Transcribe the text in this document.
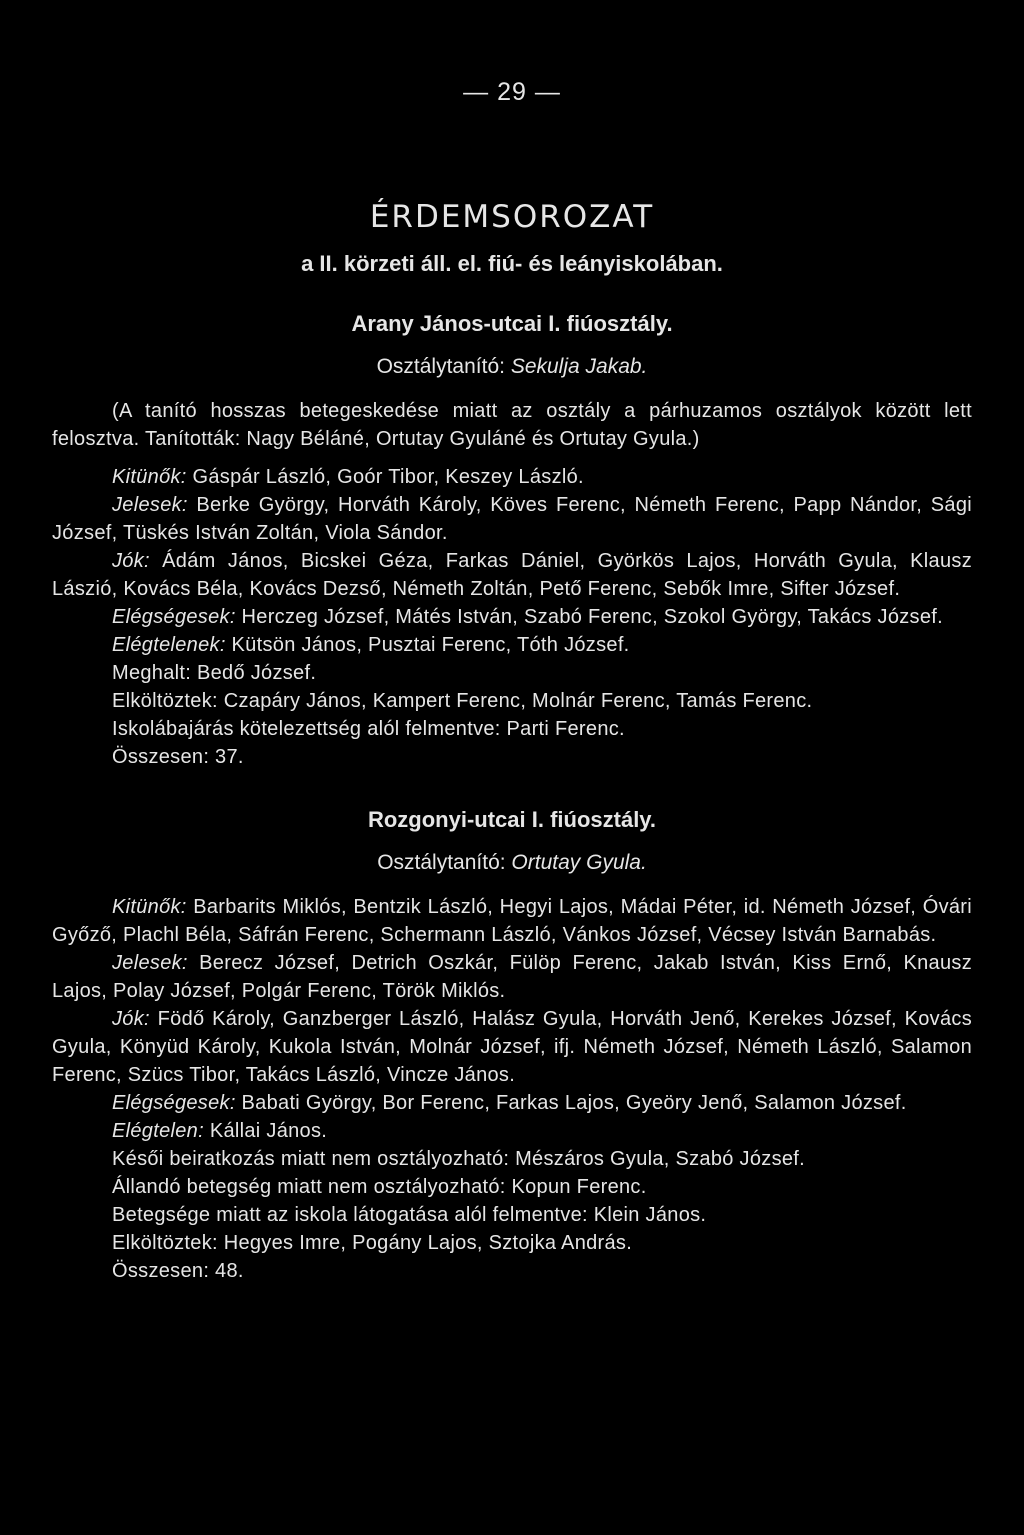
— 29 —
ÉRDEMSOROZAT
a II. körzeti áll. el. fiú- és leányiskolában.
Arany János-utcai I. fiúosztály.
Osztálytanító: Sekulja Jakab.

(A tanító hosszas betegeskedése miatt az osztály a párhuzamos osztályok között lett felosztva. Tanították: Nagy Béláné, Ortutay Gyuláné és Ortutay Gyula.)

Kitünők: Gáspár László, Goór Tibor, Keszey László.

Jelesek: Berke György, Horváth Károly, Köves Ferenc, Németh Ferenc, Papp Nándor, Sági József, Tüskés István Zoltán, Viola Sándor.

Jók: Ádám János, Bicskei Géza, Farkas Dániel, Györkös Lajos, Horváth Gyula, Klausz Lászió, Kovács Béla, Kovács Dezső, Németh Zoltán, Pető Ferenc, Sebők Imre, Sifter József.

Elégségesek: Herczeg József, Mátés István, Szabó Ferenc, Szokol György, Takács József.

Elégtelenek: Kütsön János, Pusztai Ferenc, Tóth József.

Meghalt: Bedő József.

Elköltöztek: Czapáry János, Kampert Ferenc, Molnár Ferenc, Tamás Ferenc.

Iskolábajárás kötelezettség alól felmentve: Parti Ferenc.

Összesen: 37.

Rozgonyi-utcai I. fiúosztály.
Osztálytanító: Ortutay Gyula.

Kitünők: Barbarits Miklós, Bentzik László, Hegyi Lajos, Mádai Péter, id. Németh József, Óvári Győző, Plachl Béla, Sáfrán Ferenc, Schermann László, Vánkos József, Vécsey István Barnabás.

Jelesek: Berecz József, Detrich Oszkár, Fülöp Ferenc, Jakab István, Kiss Ernő, Knausz Lajos, Polay József, Polgár Ferenc, Török Miklós.

Jók: Födő Károly, Ganzberger László, Halász Gyula, Horváth Jenő, Kerekes József, Kovács Gyula, Könyüd Károly, Kukola István, Molnár József, ifj. Németh József, Németh László, Salamon Ferenc, Szücs Tibor, Takács László, Vincze János.

Elégségesek: Babati György, Bor Ferenc, Farkas Lajos, Gyeöry Jenő, Salamon József.

Elégtelen: Kállai János.

Késői beiratkozás miatt nem osztályozható: Mészáros Gyula, Szabó József.

Állandó betegség miatt nem osztályozható: Kopun Ferenc.

Betegsége miatt az iskola látogatása alól felmentve: Klein János.

Elköltöztek: Hegyes Imre, Pogány Lajos, Sztojka András.

Összesen: 48.
